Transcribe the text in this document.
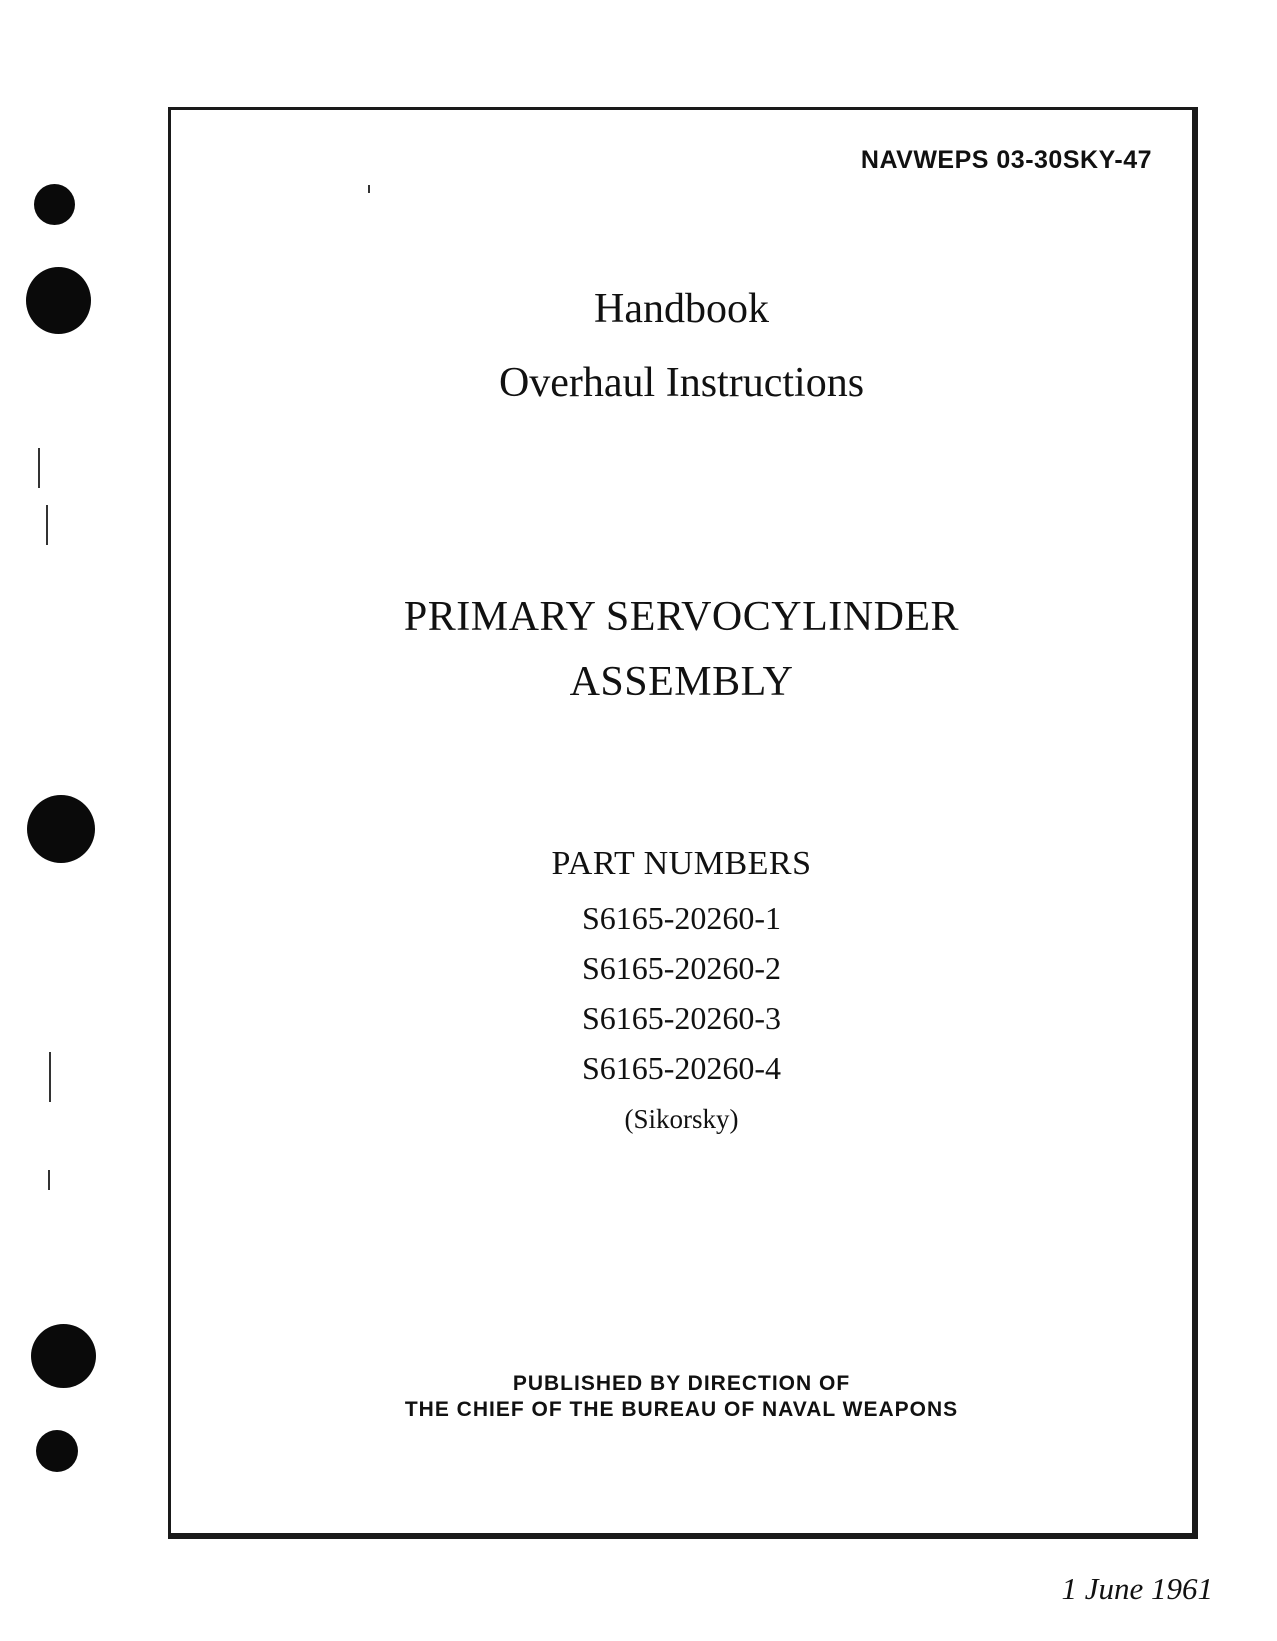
NAVWEPS 03-30SKY-47
Handbook
Overhaul Instructions
PRIMARY SERVOCYLINDER
ASSEMBLY
PART NUMBERS
S6165-20260-1
S6165-20260-2
S6165-20260-3
S6165-20260-4
(Sikorsky)
PUBLISHED BY DIRECTION OF
THE CHIEF OF THE BUREAU OF NAVAL WEAPONS
1 June 1961
